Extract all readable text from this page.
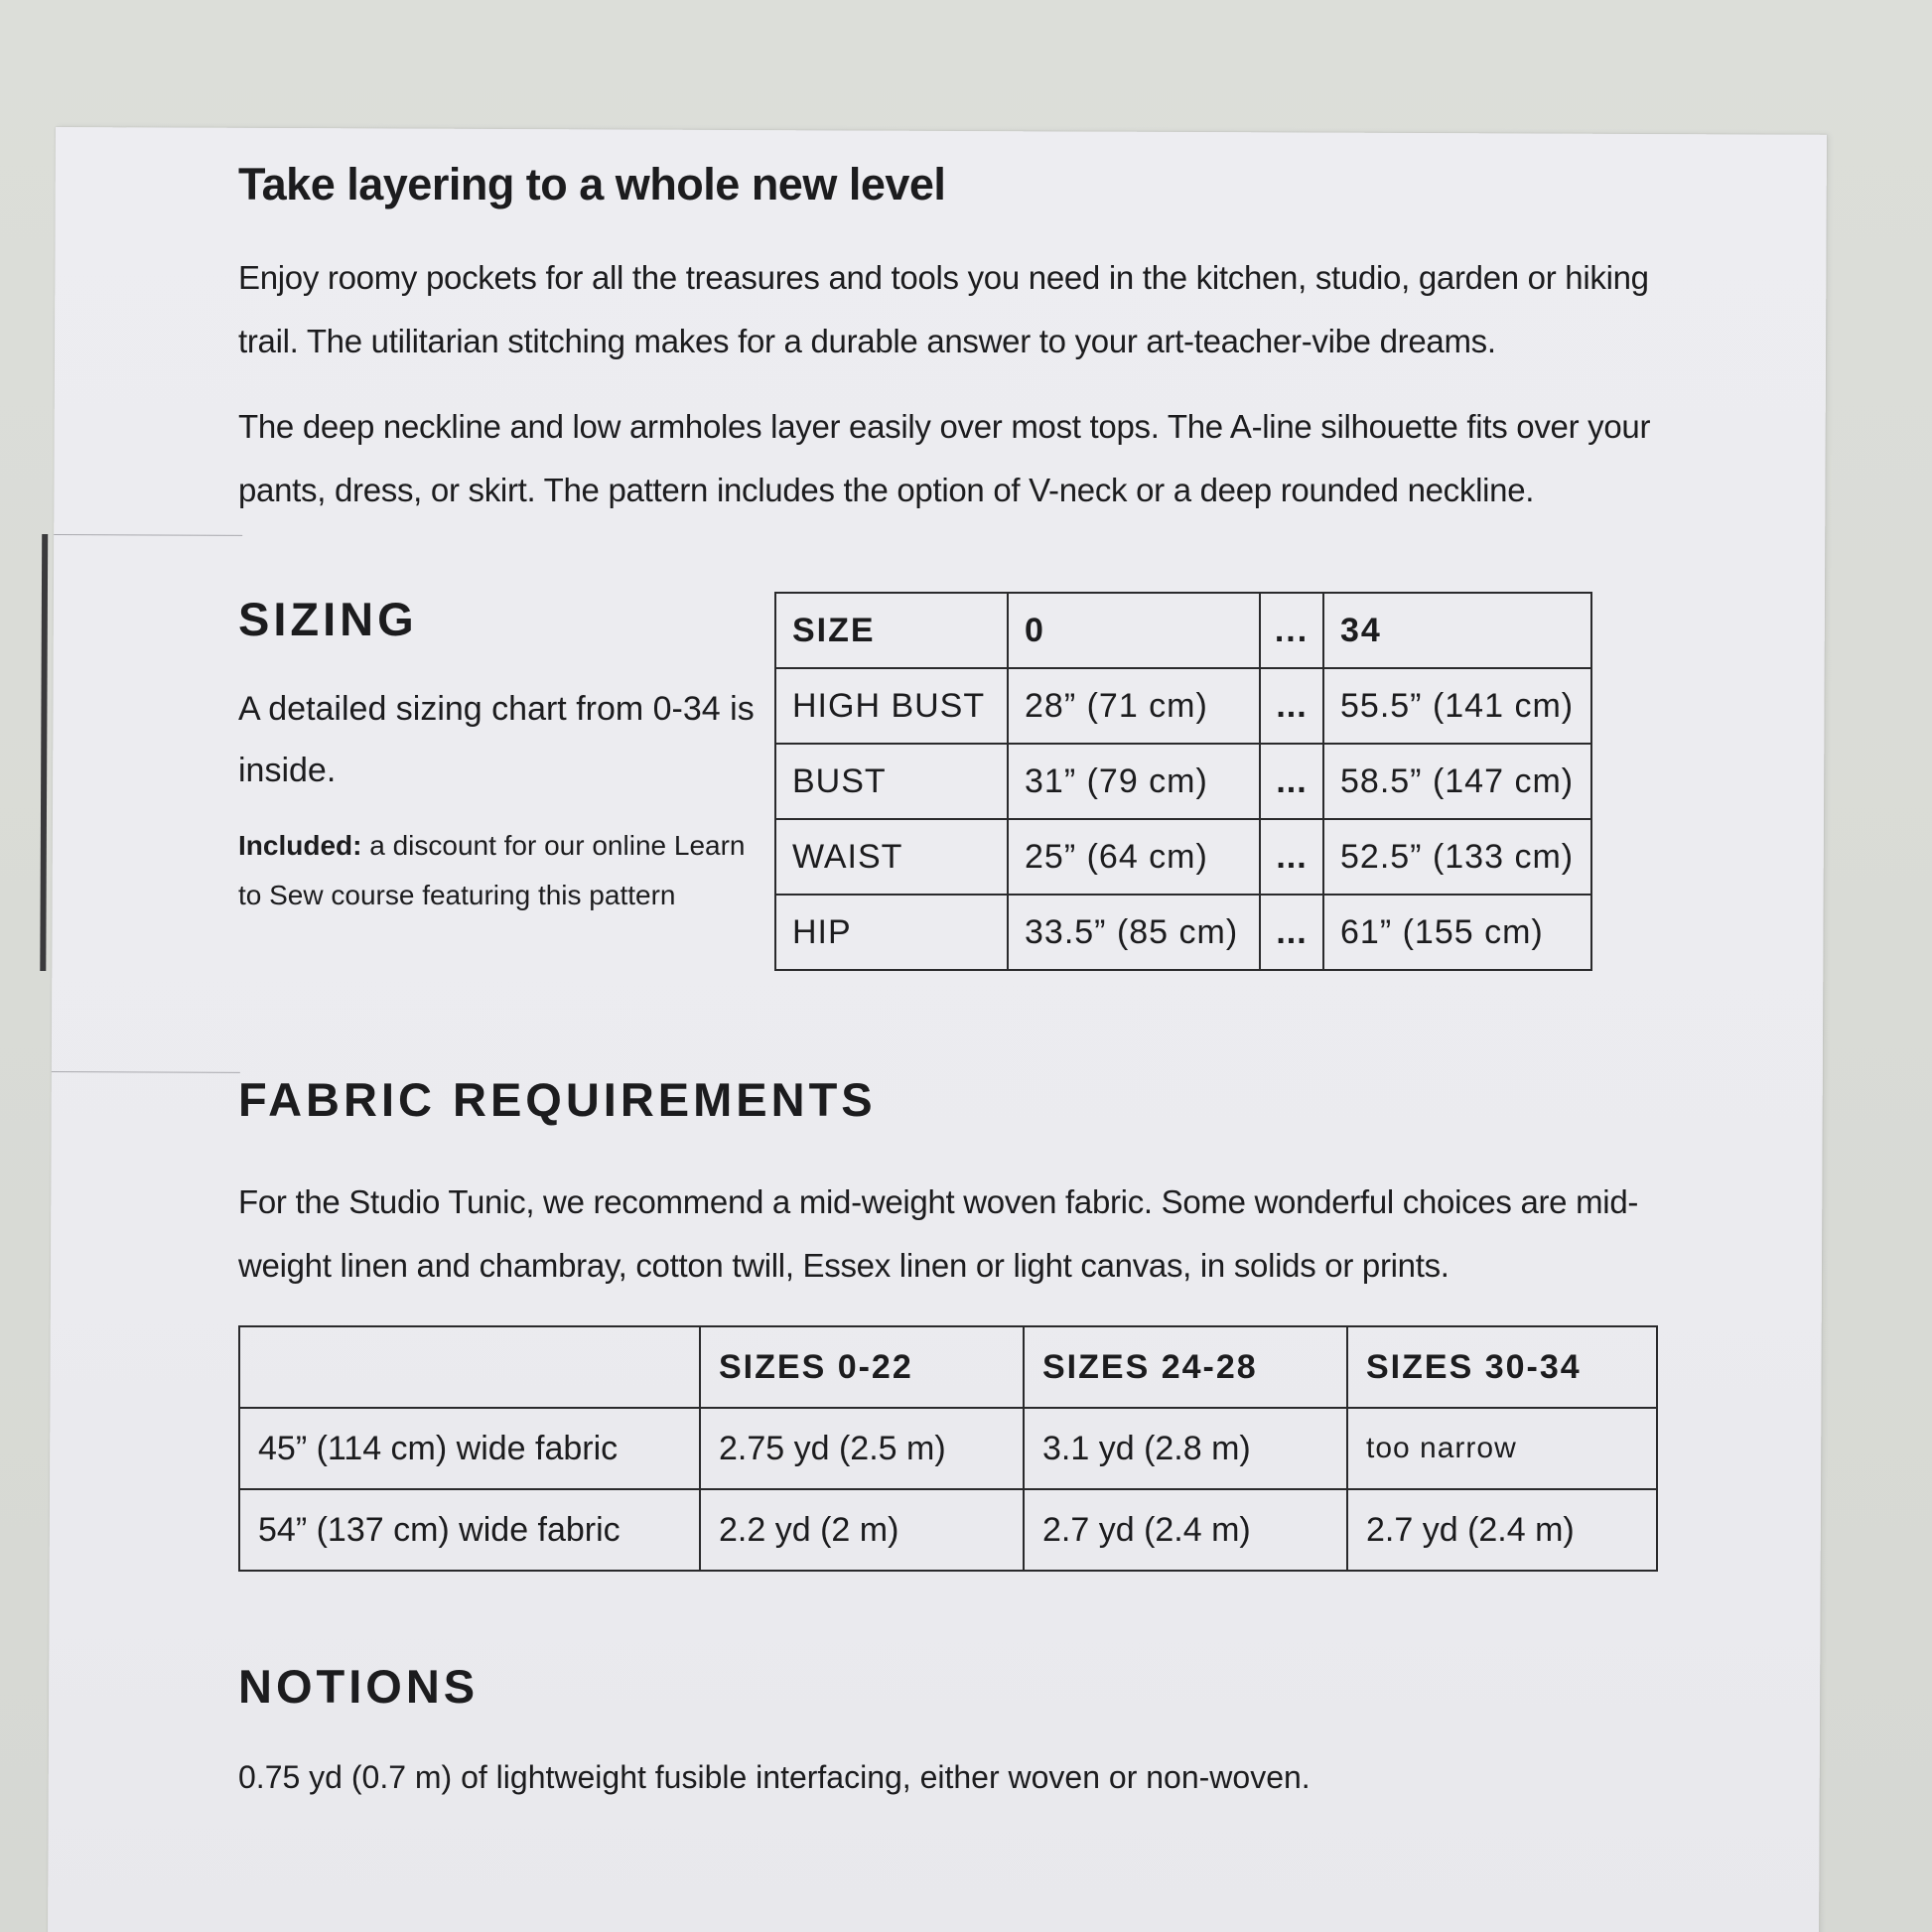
Take layering to a whole new level

Enjoy roomy pockets for all the treasures and tools you need in the kitchen, studio, garden or hiking trail. The utilitarian stitching makes for a durable answer to your art-teacher-vibe dreams.

The deep neckline and low armholes layer easily over most tops. The A-line silhouette fits over your pants, dress, or skirt. The pattern includes the option of V-neck or a deep rounded neckline.

SIZING

A detailed sizing chart from 0-34 is inside.

Included: a discount for our online Learn to Sew course featuring this pattern

SIZE	0	...	34
HIGH BUST	28” (71 cm)	...	55.5” (141 cm)
BUST	31” (79 cm)	...	58.5” (147 cm)
WAIST	25” (64 cm)	...	52.5” (133 cm)
HIP	33.5” (85 cm)	...	61” (155 cm)
FABRIC REQUIREMENTS

For the Studio Tunic, we recommend a mid-weight woven fabric. Some wonderful choices are mid-weight linen and chambray, cotton twill, Essex linen or light canvas, in solids or prints.

	SIZES 0-22	SIZES 24-28	SIZES 30-34
45” (114 cm) wide fabric	2.75 yd (2.5 m)	3.1 yd (2.8 m)	too narrow
54” (137 cm) wide fabric	2.2 yd (2 m)	2.7 yd (2.4 m)	2.7 yd (2.4 m)
NOTIONS

0.75 yd (0.7 m) of lightweight fusible interfacing, either woven or non-woven.
